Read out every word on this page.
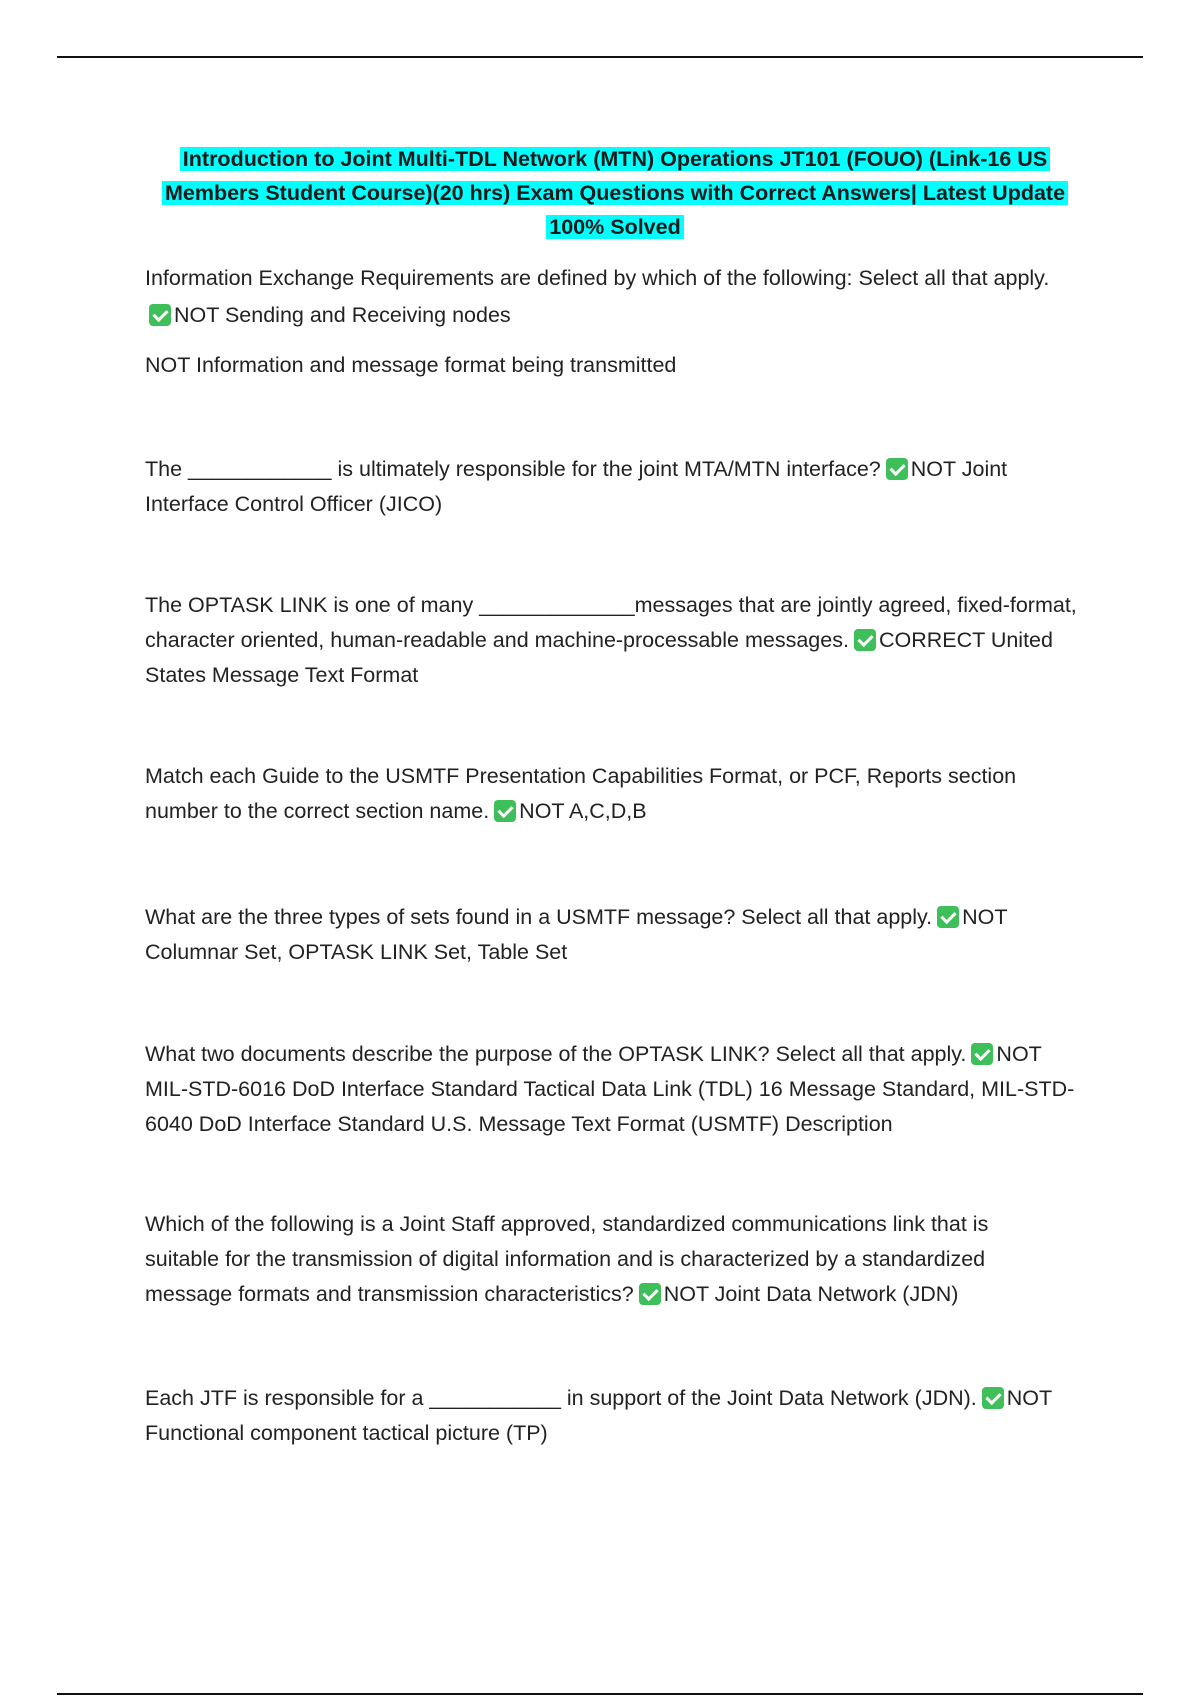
Introduction to Joint Multi-TDL Network (MTN) Operations JT101 (FOUO) (Link-16 US
Members Student Course)(20 hrs) Exam Questions with Correct Answers| Latest Update
100% Solved
Information Exchange Requirements are defined by which of the following: Select all that apply.
NOT Sending and Receiving nodes
NOT Information and message format being transmitted
The ____________ is ultimately responsible for the joint MTA/MTN interface? NOT Joint
Interface Control Officer (JICO)
The OPTASK LINK is one of many _____________messages that are jointly agreed, fixed-format,
character oriented, human-readable and machine-processable messages. CORRECT United
States Message Text Format
Match each Guide to the USMTF Presentation Capabilities Format, or PCF, Reports section
number to the correct section name. NOT A,C,D,B
What are the three types of sets found in a USMTF message? Select all that apply. NOT
Columnar Set, OPTASK LINK Set, Table Set
What two documents describe the purpose of the OPTASK LINK? Select all that apply. NOT
MIL-STD-6016 DoD Interface Standard Tactical Data Link (TDL) 16 Message Standard, MIL-STD-
6040 DoD Interface Standard U.S. Message Text Format (USMTF) Description
Which of the following is a Joint Staff approved, standardized communications link that is
suitable for the transmission of digital information and is characterized by a standardized
message formats and transmission characteristics? NOT Joint Data Network (JDN)
Each JTF is responsible for a ___________ in support of the Joint Data Network (JDN). NOT
Functional component tactical picture (TP)
